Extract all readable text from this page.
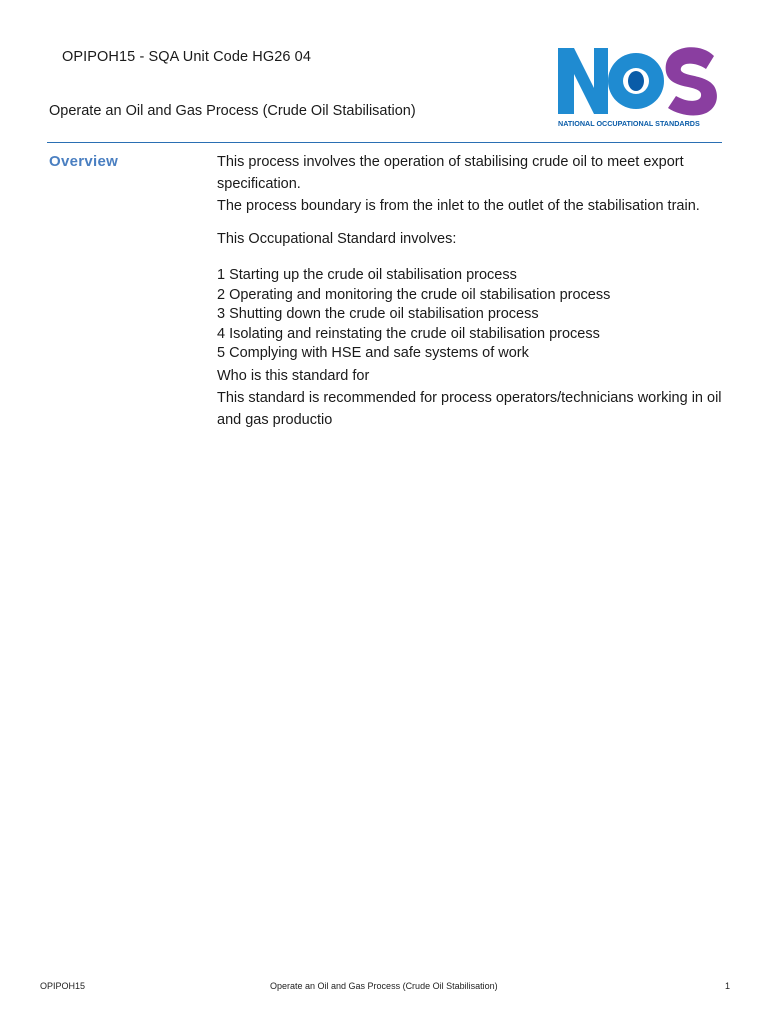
OPIPOH15 - SQA Unit Code HG26 04
Operate an Oil and Gas Process (Crude Oil Stabilisation)
NATIONAL OCCUPATIONAL STANDARDS
Overview	This process involves the operation of stabilising crude oil to meet export specification.

The process boundary is from the inlet to the outlet of the stabilisation train.

This Occupational Standard involves:

1 Starting up the crude oil stabilisation process

2 Operating and monitoring the crude oil stabilisation process

3 Shutting down the crude oil stabilisation process

4 Isolating and reinstating the crude oil stabilisation process

5 Complying with HSE and safe systems of work

Who is this standard for

This standard is recommended for process operators/technicians working in oil and gas productio

OPIPOH15	Operate an Oil and Gas Process (Crude Oil Stabilisation)	1
